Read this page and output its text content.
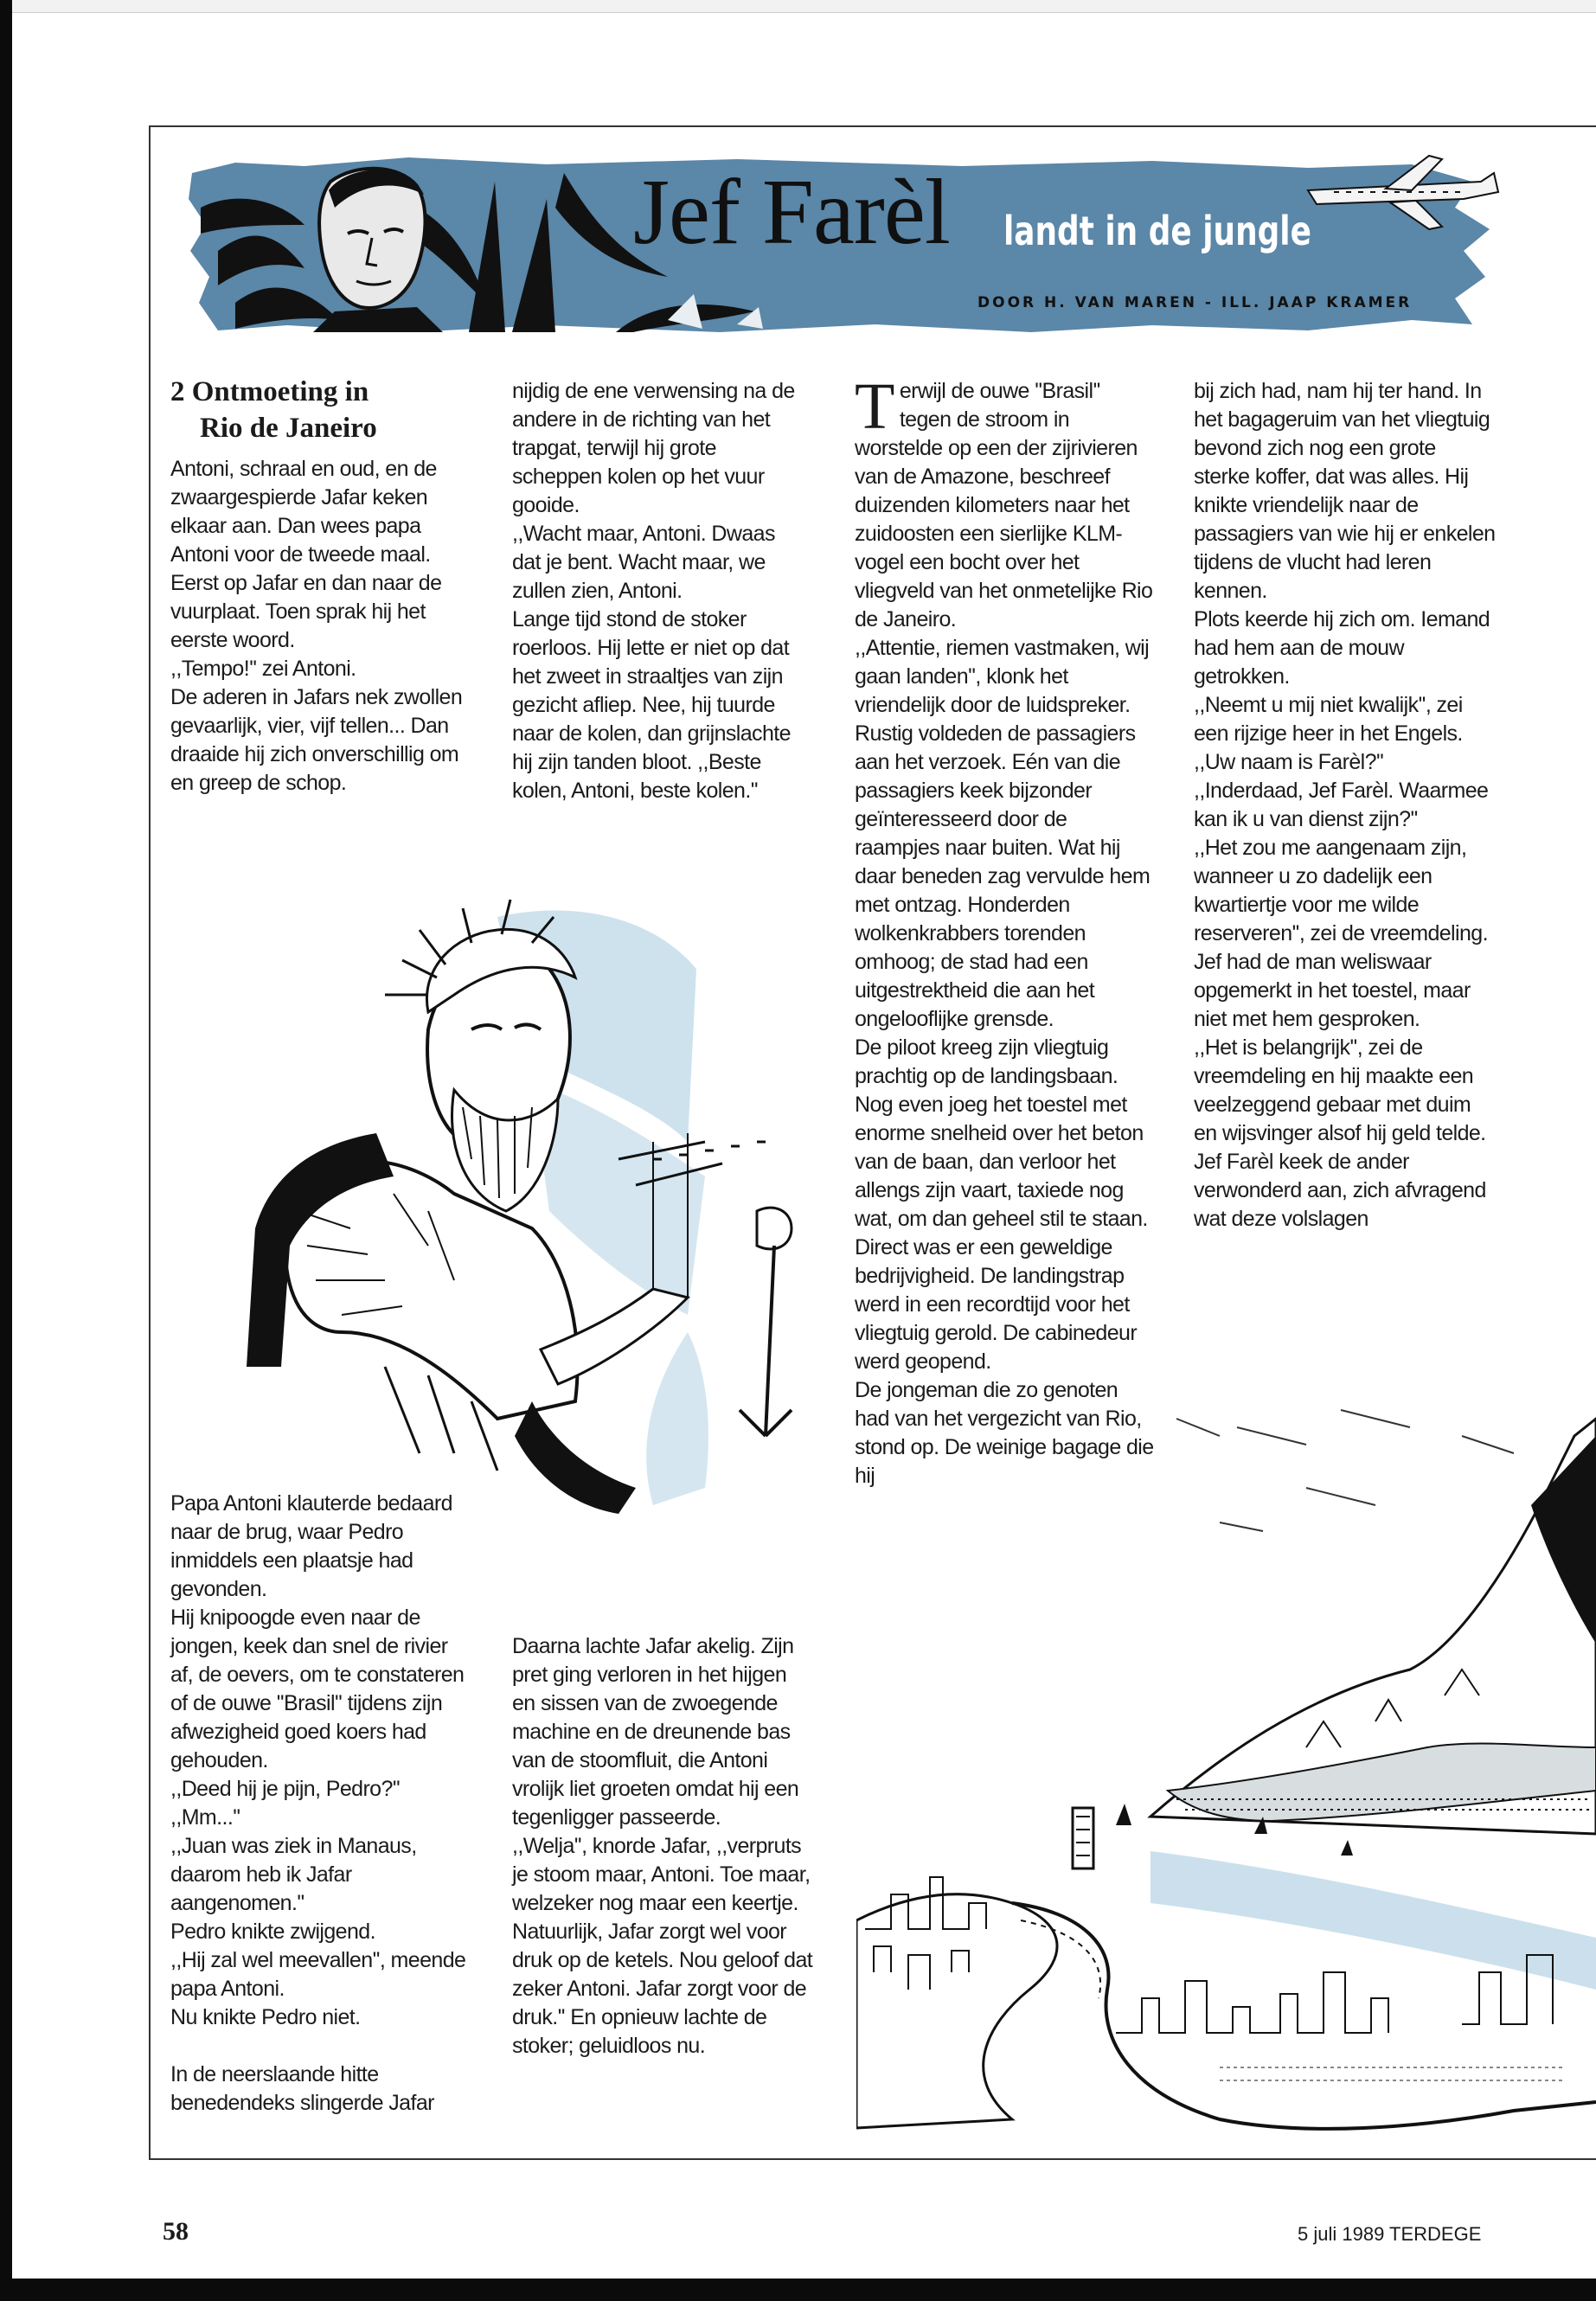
Jef Farèl landt in de jungle
DOOR H. VAN MAREN - ILL. JAAP KRAMER
2 Ontmoeting in
Rio de Janeiro

Antoni, schraal en oud, en de zwaargespierde Jafar keken elkaar aan. Dan wees papa Antoni voor de tweede maal. Eerst op Jafar en dan naar de vuurplaat. Toen sprak hij het eerste woord.

,,Tempo!'' zei Antoni.

De aderen in Jafars nek zwollen gevaarlijk, vier, vijf tellen... Dan draaide hij zich onverschillig om en greep de schop.

nijdig de ene verwensing na de andere in de richting van het trapgat, terwijl hij grote scheppen kolen op het vuur gooide.

,,Wacht maar, Antoni. Dwaas dat je bent. Wacht maar, we zullen zien, Antoni.

Lange tijd stond de stoker roerloos. Hij lette er niet op dat het zweet in straaltjes van zijn gezicht afliep. Nee, hij tuurde naar de kolen, dan grijnslachte hij zijn tanden bloot. ,,Beste kolen, Antoni, beste kolen.''

Papa Antoni klauterde bedaard naar de brug, waar Pedro inmiddels een plaatsje had gevonden.

Hij knipoogde even naar de jongen, keek dan snel de rivier af, de oevers, om te constateren of de ouwe ''Brasil'' tijdens zijn afwezigheid goed koers had gehouden.

,,Deed hij je pijn, Pedro?''

,,Mm...''

,,Juan was ziek in Manaus, daarom heb ik Jafar aangenomen.''

Pedro knikte zwijgend.

,,Hij zal wel meevallen'', meende papa Antoni.

Nu knikte Pedro niet.

In de neerslaande hitte benedendeks slingerde Jafar

Daarna lachte Jafar akelig. Zijn pret ging verloren in het hijgen en sissen van de zwoegende machine en de dreunende bas van de stoomfluit, die Antoni vrolijk liet groeten omdat hij een tegenligger passeerde.

,,Welja'', knorde Jafar, ,,verpruts je stoom maar, Antoni. Toe maar, welzeker nog maar een keertje. Natuurlijk, Jafar zorgt wel voor druk op de ketels. Nou geloof dat zeker Antoni. Jafar zorgt voor de druk.'' En opnieuw lachte de stoker; geluidloos nu.

T erwijl de ouwe ''Brasil'' tegen de stroom in worstelde op een der zijrivieren van de Amazone, beschreef duizenden kilometers naar het zuidoosten een sierlijke KLM-vogel een bocht over het vliegveld van het onmetelijke Rio de Janeiro.

,,Attentie, riemen vastmaken, wij gaan landen'', klonk het vriendelijk door de luidspreker.

Rustig voldeden de passagiers aan het verzoek. Eén van die passagiers keek bijzonder geïnteresseerd door de raampjes naar buiten. Wat hij daar beneden zag vervulde hem met ontzag. Honderden wolkenkrabbers torenden omhoog; de stad had een uitgestrektheid die aan het ongelooflijke grensde.

De piloot kreeg zijn vliegtuig prachtig op de landingsbaan. Nog even joeg het toestel met enorme snelheid over het beton van de baan, dan verloor het allengs zijn vaart, taxiede nog wat, om dan geheel stil te staan. Direct was er een geweldige bedrijvigheid. De landingstrap werd in een recordtijd voor het vliegtuig gerold. De cabinedeur werd geopend.

De jongeman die zo genoten had van het vergezicht van Rio, stond op. De weinige bagage die hij

bij zich had, nam hij ter hand. In het bagageruim van het vliegtuig bevond zich nog een grote sterke koffer, dat was alles. Hij knikte vriendelijk naar de passagiers van wie hij er enkelen tijdens de vlucht had leren kennen.

Plots keerde hij zich om. Iemand had hem aan de mouw getrokken.

,,Neemt u mij niet kwalijk'', zei een rijzige heer in het Engels. ,,Uw naam is Farèl?''

,,Inderdaad, Jef Farèl. Waarmee kan ik u van dienst zijn?''

,,Het zou me aangenaam zijn, wanneer u zo dadelijk een kwartiertje voor me wilde reserveren'', zei de vreemdeling. Jef had de man weliswaar opgemerkt in het toestel, maar niet met hem gesproken.

,,Het is belangrijk'', zei de vreemdeling en hij maakte een veelzeggend gebaar met duim en wijsvinger alsof hij geld telde.

Jef Farèl keek de ander verwonderd aan, zich afvragend wat deze volslagen

58	5 juli 1989 TERDEGE
